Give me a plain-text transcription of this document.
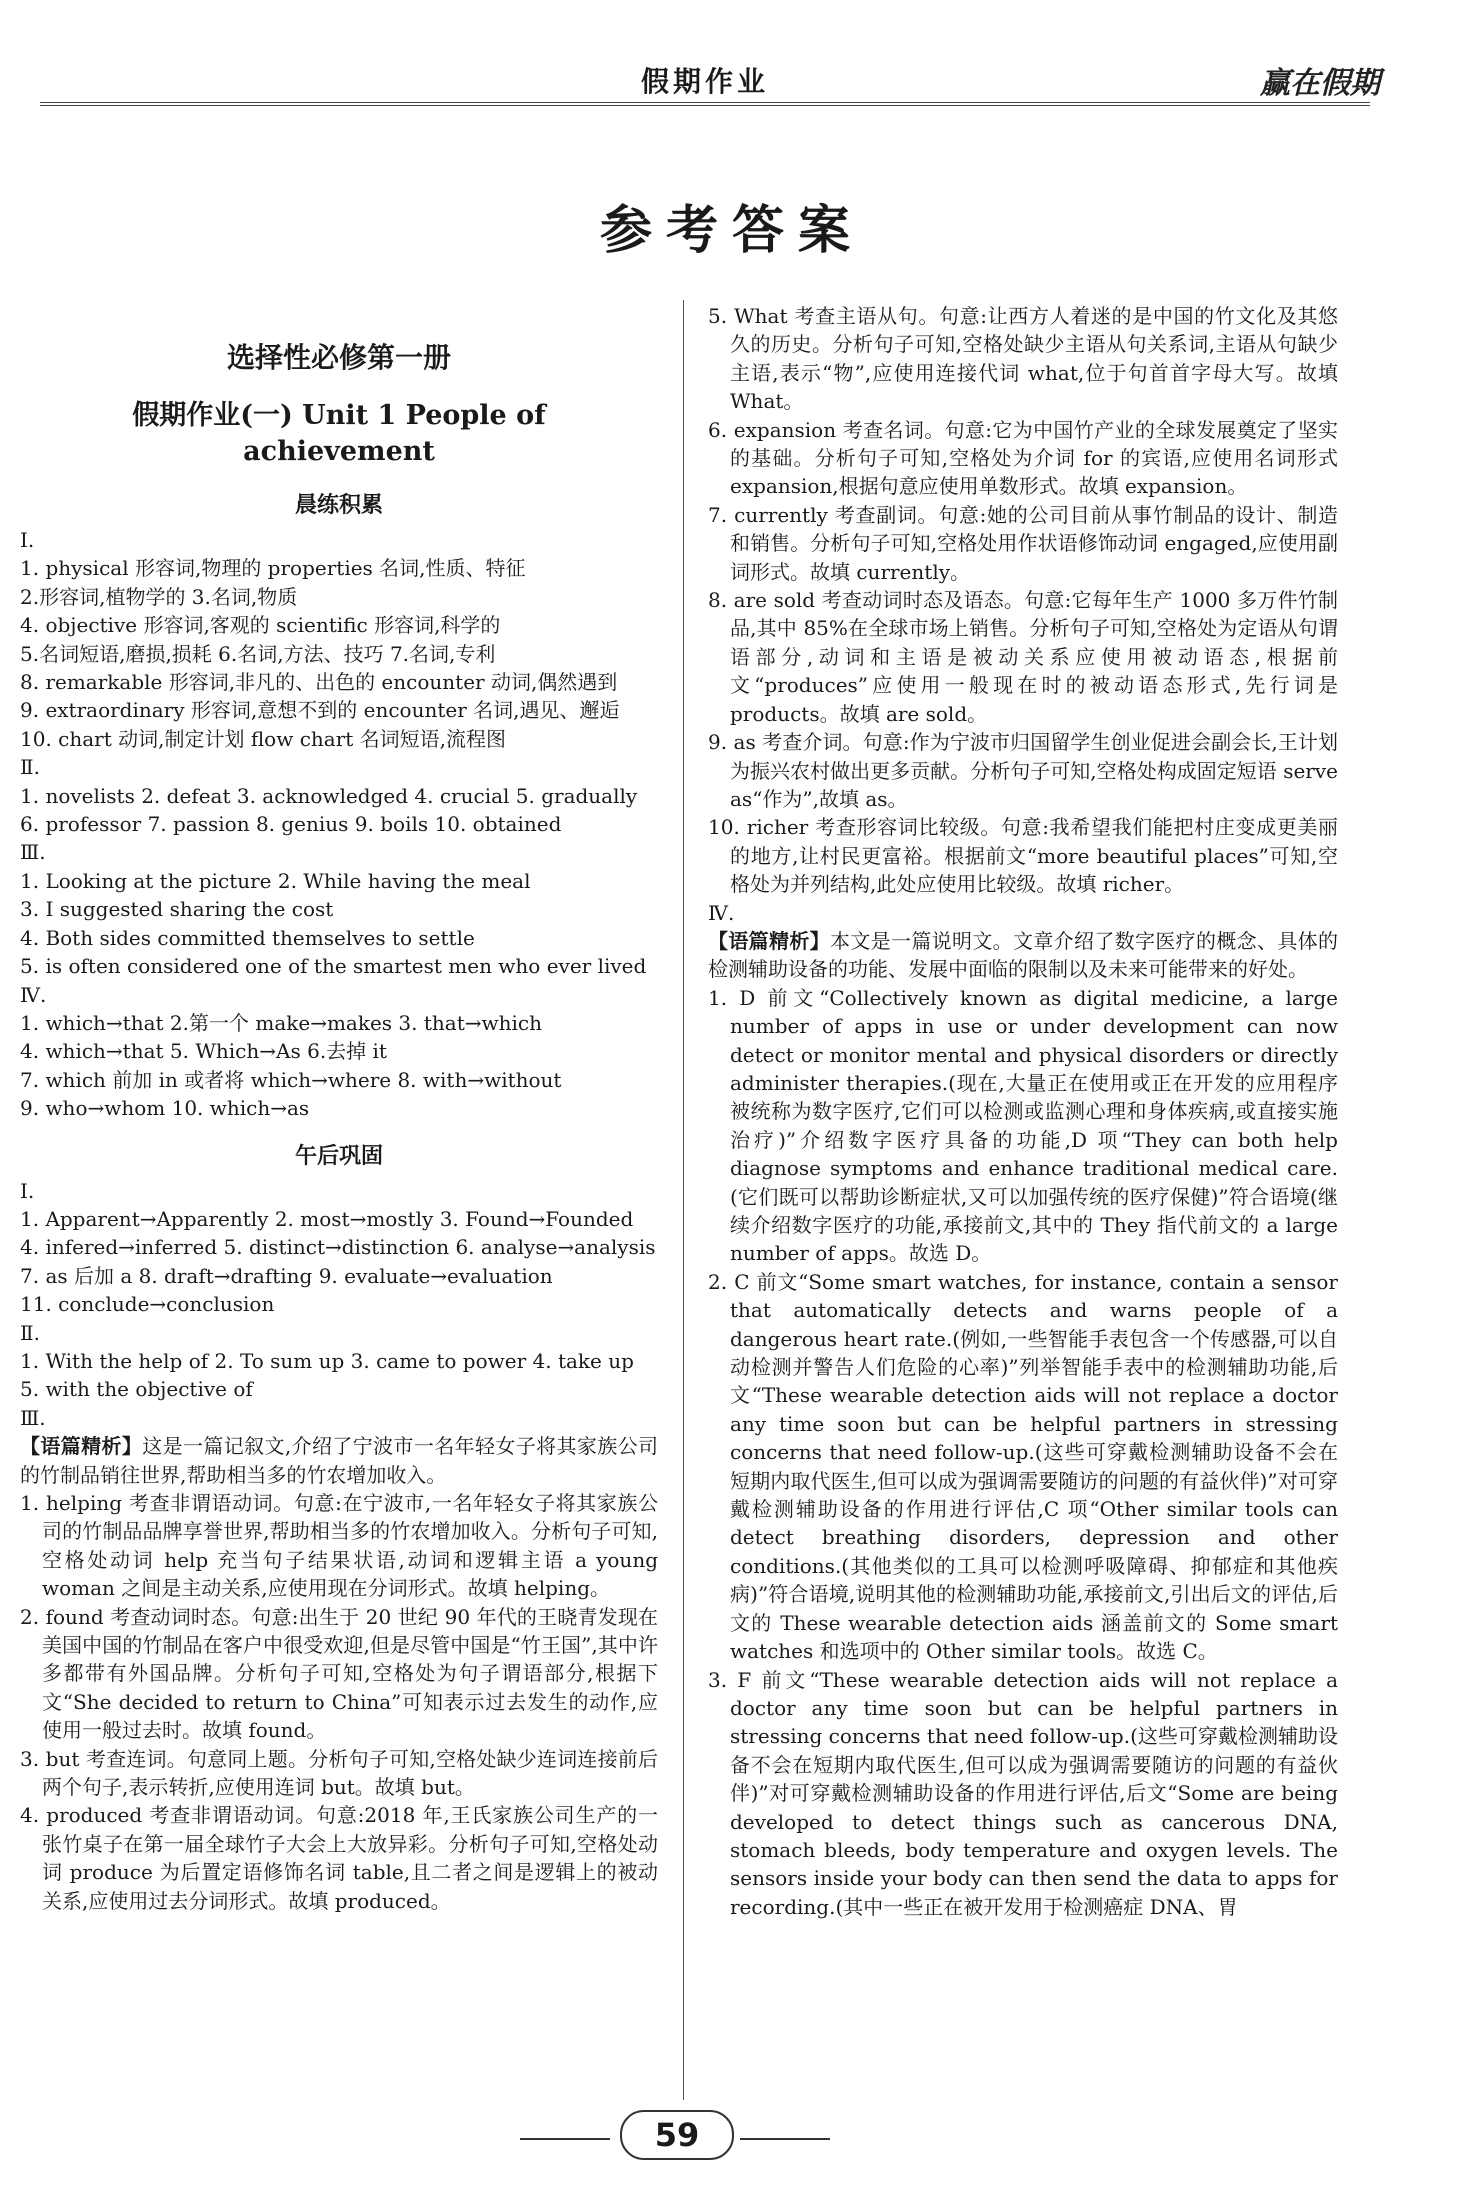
假期作业	赢在假期
参考答案
选择性必修第一册
假期作业(一) Unit 1 People of
achievement
晨练积累
Ⅰ.
1. physical 形容词,物理的 properties 名词,性质、特征
2.形容词,植物学的 3.名词,物质
4. objective 形容词,客观的 scientific 形容词,科学的
5.名词短语,磨损,损耗 6.名词,方法、技巧 7.名词,专利
8. remarkable 形容词,非凡的、出色的 encounter 动词,偶然遇到
9. extraordinary 形容词,意想不到的 encounter 名词,遇见、邂逅
10. chart 动词,制定计划 flow chart 名词短语,流程图
Ⅱ.
1. novelists 2. defeat 3. acknowledged 4. crucial 5. gradually
6. professor 7. passion 8. genius 9. boils 10. obtained
Ⅲ.
1. Looking at the picture 2. While having the meal
3. I suggested sharing the cost
4. Both sides committed themselves to settle
5. is often considered one of the smartest men who ever lived
Ⅳ.
1. which→that 2.第一个 make→makes 3. that→which
4. which→that 5. Which→As 6.去掉 it
7. which 前加 in 或者将 which→where 8. with→without
9. who→whom 10. which→as
午后巩固
Ⅰ.
1. Apparent→Apparently 2. most→mostly 3. Found→Founded
4. infered→inferred 5. distinct→distinction 6. analyse→analysis
7. as 后加 a 8. draft→drafting 9. evaluate→evaluation
11. conclude→conclusion
Ⅱ.
1. With the help of 2. To sum up 3. came to power 4. take up
5. with the objective of
Ⅲ.
【语篇精析】这是一篇记叙文,介绍了宁波市一名年轻女子将其家族公司的竹制品销往世界,帮助相当多的竹农增加收入。
1. helping 考查非谓语动词。句意:在宁波市,一名年轻女子将其家族公司的竹制品品牌享誉世界,帮助相当多的竹农增加收入。分析句子可知,空格处动词 help 充当句子结果状语,动词和逻辑主语 a young woman 之间是主动关系,应使用现在分词形式。故填 helping。
2. found 考查动词时态。句意:出生于 20 世纪 90 年代的王晓青发现在美国中国的竹制品在客户中很受欢迎,但是尽管中国是“竹王国”,其中许多都带有外国品牌。分析句子可知,空格处为句子谓语部分,根据下文“She decided to return to China”可知表示过去发生的动作,应使用一般过去时。故填 found。
3. but 考查连词。句意同上题。分析句子可知,空格处缺少连词连接前后两个句子,表示转折,应使用连词 but。故填 but。
4. produced 考查非谓语动词。句意:2018 年,王氏家族公司生产的一张竹桌子在第一届全球竹子大会上大放异彩。分析句子可知,空格处动词 produce 为后置定语修饰名词 table,且二者之间是逻辑上的被动关系,应使用过去分词形式。故填 produced。
5. What 考查主语从句。句意:让西方人着迷的是中国的竹文化及其悠久的历史。分析句子可知,空格处缺少主语从句关系词,主语从句缺少主语,表示“物”,应使用连接代词 what,位于句首首字母大写。故填 What。
6. expansion 考查名词。句意:它为中国竹产业的全球发展奠定了坚实的基础。分析句子可知,空格处为介词 for 的宾语,应使用名词形式 expansion,根据句意应使用单数形式。故填 expansion。
7. currently 考查副词。句意:她的公司目前从事竹制品的设计、制造和销售。分析句子可知,空格处用作状语修饰动词 engaged,应使用副词形式。故填 currently。
8. are sold 考查动词时态及语态。句意:它每年生产 1000 多万件竹制品,其中 85%在全球市场上销售。分析句子可知,空格处为定语从句谓语部分,动词和主语是被动关系应使用被动语态,根据前文“produces”应使用一般现在时的被动语态形式,先行词是 products。故填 are sold。
9. as 考查介词。句意:作为宁波市归国留学生创业促进会副会长,王计划为振兴农村做出更多贡献。分析句子可知,空格处构成固定短语 serve as“作为”,故填 as。
10. richer 考查形容词比较级。句意:我希望我们能把村庄变成更美丽的地方,让村民更富裕。根据前文“more beautiful places”可知,空格处为并列结构,此处应使用比较级。故填 richer。
Ⅳ.
【语篇精析】本文是一篇说明文。文章介绍了数字医疗的概念、具体的检测辅助设备的功能、发展中面临的限制以及未来可能带来的好处。
1. D 前文“Collectively known as digital medicine, a large number of apps in use or under development can now detect or monitor mental and physical disorders or directly administer therapies.(现在,大量正在使用或正在开发的应用程序被统称为数字医疗,它们可以检测或监测心理和身体疾病,或直接实施治疗)”介绍数字医疗具备的功能,D 项“They can both help diagnose symptoms and enhance traditional medical care.(它们既可以帮助诊断症状,又可以加强传统的医疗保健)”符合语境(继续介绍数字医疗的功能,承接前文,其中的 They 指代前文的 a large number of apps。故选 D。
2. C 前文“Some smart watches, for instance, contain a sensor that automatically detects and warns people of a dangerous heart rate.(例如,一些智能手表包含一个传感器,可以自动检测并警告人们危险的心率)”列举智能手表中的检测辅助功能,后文“These wearable detection aids will not replace a doctor any time soon but can be helpful partners in stressing concerns that need follow-up.(这些可穿戴检测辅助设备不会在短期内取代医生,但可以成为强调需要随访的问题的有益伙伴)”对可穿戴检测辅助设备的作用进行评估,C 项“Other similar tools can detect breathing disorders, depression and other conditions.(其他类似的工具可以检测呼吸障碍、抑郁症和其他疾病)”符合语境,说明其他的检测辅助功能,承接前文,引出后文的评估,后文的 These wearable detection aids 涵盖前文的 Some smart watches 和选项中的 Other similar tools。故选 C。
3. F 前文“These wearable detection aids will not replace a doctor any time soon but can be helpful partners in stressing concerns that need follow-up.(这些可穿戴检测辅助设备不会在短期内取代医生,但可以成为强调需要随访的问题的有益伙伴)”对可穿戴检测辅助设备的作用进行评估,后文“Some are being developed to detect things such as cancerous DNA, stomach bleeds, body temperature and oxygen levels. The sensors inside your body can then send the data to apps for recording.(其中一些正在被开发用于检测癌症 DNA、胃
59
